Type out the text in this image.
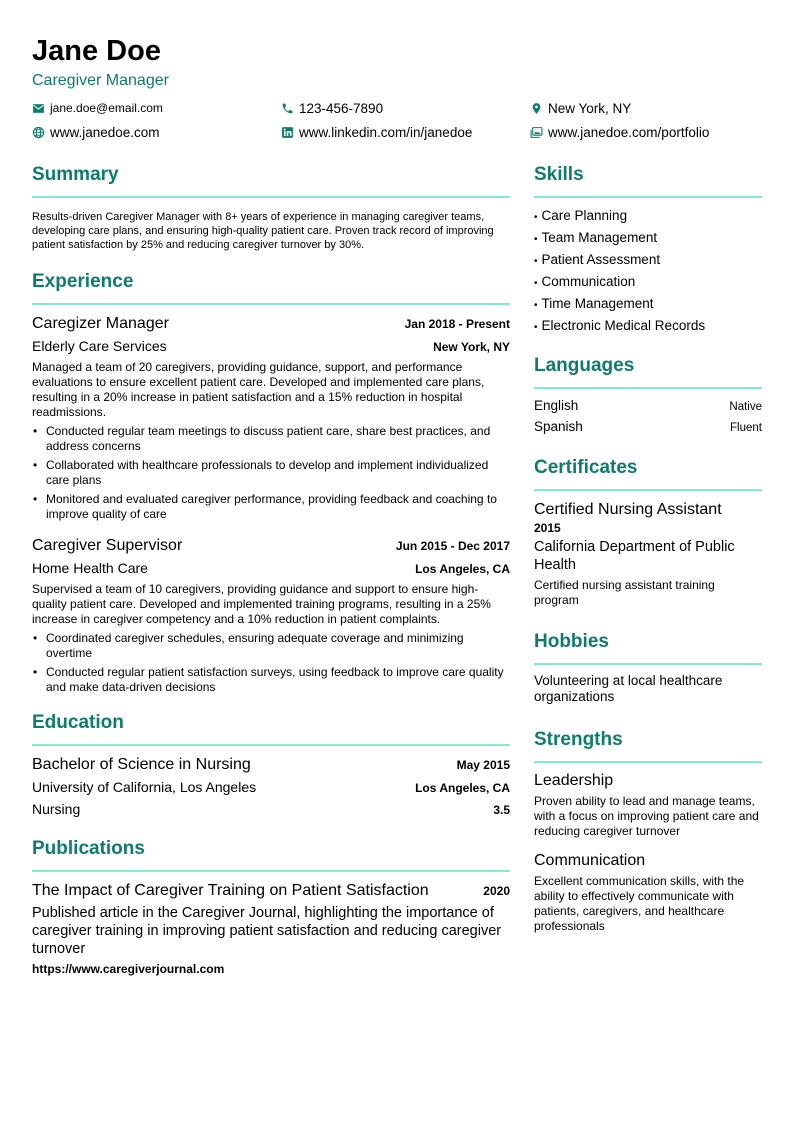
Jane Doe
Caregiver Manager
jane.doe@email.com	123-456-7890	New York, NY
www.janedoe.com	www.linkedin.com/in/janedoe	www.janedoe.com/portfolio
Summary
Results-driven Caregiver Manager with 8+ years of experience in managing caregiver teams, developing care plans, and ensuring high-quality patient care. Proven track record of improving patient satisfaction by 25% and reducing caregiver turnover by 30%.
Experience
Caregizer Manager	Jan 2018 - Present
Elderly Care Services	New York, NY
Managed a team of 20 caregivers, providing guidance, support, and performance evaluations to ensure excellent patient care. Developed and implemented care plans, resulting in a 20% increase in patient satisfaction and a 15% reduction in hospital readmissions.
• Conducted regular team meetings to discuss patient care, share best practices, and address concerns
• Collaborated with healthcare professionals to develop and implement individualized care plans
• Monitored and evaluated caregiver performance, providing feedback and coaching to improve quality of care
Caregiver Supervisor	Jun 2015 - Dec 2017
Home Health Care	Los Angeles, CA
Supervised a team of 10 caregivers, providing guidance and support to ensure high-quality patient care. Developed and implemented training programs, resulting in a 25% increase in caregiver competency and a 10% reduction in patient complaints.
• Coordinated caregiver schedules, ensuring adequate coverage and minimizing overtime
• Conducted regular patient satisfaction surveys, using feedback to improve care quality and make data-driven decisions
Education
Bachelor of Science in Nursing	May 2015
University of California, Los Angeles	Los Angeles, CA
Nursing	3.5
Publications
The Impact of Caregiver Training on Patient Satisfaction	2020
Published article in the Caregiver Journal, highlighting the importance of caregiver training in improving patient satisfaction and reducing caregiver turnover
https://www.caregiverjournal.com
Skills
• Care Planning
• Team Management
• Patient Assessment
• Communication
• Time Management
• Electronic Medical Records
Languages
English	Native
Spanish	Fluent
Certificates
Certified Nursing Assistant
2015
California Department of Public Health
Certified nursing assistant training program
Hobbies
Volunteering at local healthcare organizations
Strengths
Leadership
Proven ability to lead and manage teams, with a focus on improving patient care and reducing caregiver turnover
Communication
Excellent communication skills, with the ability to effectively communicate with patients, caregivers, and healthcare professionals
